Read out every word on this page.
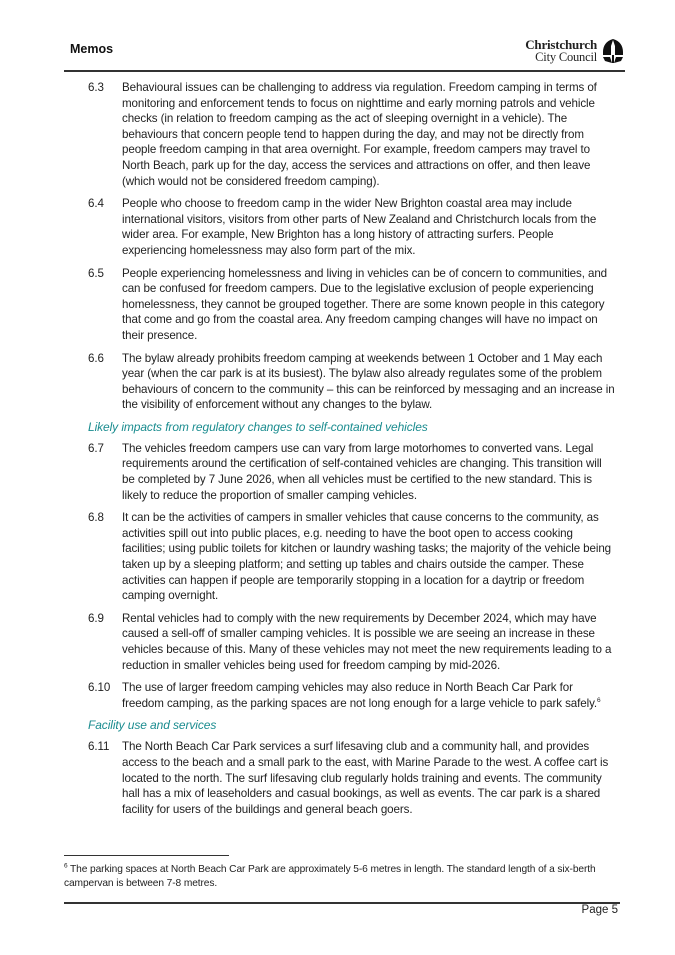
Memos	Christchurch
City Council
6.3 Behavioural issues can be challenging to address via regulation. Freedom camping in terms of monitoring and enforcement tends to focus on nighttime and early morning patrols and vehicle checks (in relation to freedom camping as the act of sleeping overnight in a vehicle). The behaviours that concern people tend to happen during the day, and may not be directly from people freedom camping in that area overnight. For example, freedom campers may travel to North Beach, park up for the day, access the services and attractions on offer, and then leave (which would not be considered freedom camping).
6.4 People who choose to freedom camp in the wider New Brighton coastal area may include international visitors, visitors from other parts of New Zealand and Christchurch locals from the wider area. For example, New Brighton has a long history of attracting surfers. People experiencing homelessness may also form part of the mix.
6.5 People experiencing homelessness and living in vehicles can be of concern to communities, and can be confused for freedom campers. Due to the legislative exclusion of people experiencing homelessness, they cannot be grouped together. There are some known people in this category that come and go from the coastal area. Any freedom camping changes will have no impact on their presence.
6.6 The bylaw already prohibits freedom camping at weekends between 1 October and 1 May each year (when the car park is at its busiest). The bylaw also already regulates some of the problem behaviours of concern to the community – this can be reinforced by messaging and an increase in the visibility of enforcement without any changes to the bylaw.
Likely impacts from regulatory changes to self-contained vehicles
6.7 The vehicles freedom campers use can vary from large motorhomes to converted vans. Legal requirements around the certification of self-contained vehicles are changing. This transition will be completed by 7 June 2026, when all vehicles must be certified to the new standard. This is likely to reduce the proportion of smaller camping vehicles.
6.8 It can be the activities of campers in smaller vehicles that cause concerns to the community, as activities spill out into public places, e.g. needing to have the boot open to access cooking facilities; using public toilets for kitchen or laundry washing tasks; the majority of the vehicle being taken up by a sleeping platform; and setting up tables and chairs outside the camper. These activities can happen if people are temporarily stopping in a location for a daytrip or freedom camping overnight.
6.9 Rental vehicles had to comply with the new requirements by December 2024, which may have caused a sell-off of smaller camping vehicles. It is possible we are seeing an increase in these vehicles because of this. Many of these vehicles may not meet the new requirements leading to a reduction in smaller vehicles being used for freedom camping by mid-2026.
6.10 The use of larger freedom camping vehicles may also reduce in North Beach Car Park for freedom camping, as the parking spaces are not long enough for a large vehicle to park safely.$^6$
Facility use and services
6.11 The North Beach Car Park services a surf lifesaving club and a community hall, and provides access to the beach and a small park to the east, with Marine Parade to the west. A coffee cart is located to the north. The surf lifesaving club regularly holds training and events. The community hall has a mix of leaseholders and casual bookings, as well as events. The car park is a shared facility for users of the buildings and general beach goers.
$^6$ The parking spaces at North Beach Car Park are approximately 5-6 metres in length. The standard length of a six-berth campervan is between 7-8 metres.
Page 5
